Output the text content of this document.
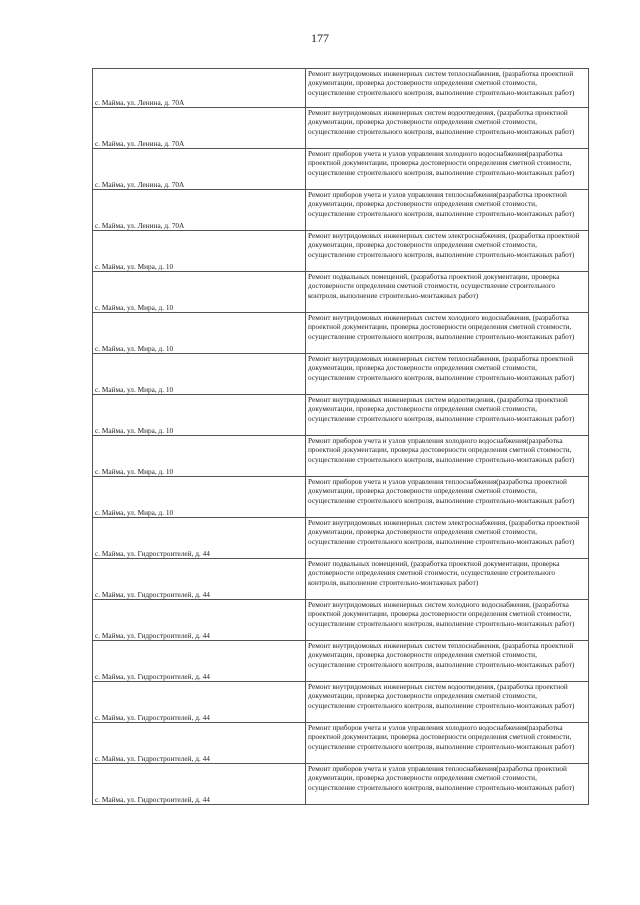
177
с. Майма, ул. Ленина, д. 70А	Ремонт внутридомовых инженерных систем теплоснабжения, (разработка проектной документации, проверка достоверности определения сметной стоимости, осуществление строительного контроля, выполнение строительно-монтажных работ)
с. Майма, ул. Ленина, д. 70А	Ремонт внутридомовых инженерных систем водоотведения, (разработка проектной документации, проверка достоверности определения сметной стоимости, осуществление строительного контроля, выполнение строительно-монтажных работ)
с. Майма, ул. Ленина, д. 70А	Ремонт приборов учета и узлов управления холодного водоснабжения(разработка проектной документации, проверка достоверности определения сметной стоимости, осуществление строительного контроля, выполнение строительно-монтажных работ)
с. Майма, ул. Ленина, д. 70А	Ремонт приборов учета и узлов управления теплоснабжения(разработка проектной документации, проверка достоверности определения сметной стоимости, осуществление строительного контроля, выполнение строительно-монтажных работ)
с. Майма, ул. Мира, д. 10	Ремонт внутридомовых инженерных систем электроснабжения, (разработка проектной документации, проверка достоверности определения сметной стоимости, осуществление строительного контроля, выполнение строительно-монтажных работ)
с. Майма, ул. Мира, д. 10	Ремонт подвальных помещений, (разработка проектной документации, проверка достоверности определения сметной стоимости, осуществление строительного контроля, выполнение строительно-монтажных работ)
с. Майма, ул. Мира, д. 10	Ремонт внутридомовых инженерных систем холодного водоснабжения, (разработка проектной документации, проверка достоверности определения сметной стоимости, осуществление строительного контроля, выполнение строительно-монтажных работ)
с. Майма, ул. Мира, д. 10	Ремонт внутридомовых инженерных систем теплоснабжения, (разработка проектной документации, проверка достоверности определения сметной стоимости, осуществление строительного контроля, выполнение строительно-монтажных работ)
с. Майма, ул. Мира, д. 10	Ремонт внутридомовых инженерных систем водоотведения, (разработка проектной документации, проверка достоверности определения сметной стоимости, осуществление строительного контроля, выполнение строительно-монтажных работ)
с. Майма, ул. Мира, д. 10	Ремонт приборов учета и узлов управления холодного водоснабжения(разработка проектной документации, проверка достоверности определения сметной стоимости, осуществление строительного контроля, выполнение строительно-монтажных работ)
с. Майма, ул. Мира, д. 10	Ремонт приборов учета и узлов управления теплоснабжения(разработка проектной документации, проверка достоверности определения сметной стоимости, осуществление строительного контроля, выполнение строительно-монтажных работ)
с. Майма, ул. Гидростроителей, д. 44	Ремонт внутридомовых инженерных систем электроснабжения, (разработка проектной документации, проверка достоверности определения сметной стоимости, осуществление строительного контроля, выполнение строительно-монтажных работ)
с. Майма, ул. Гидростроителей, д. 44	Ремонт подвальных помещений, (разработка проектной документации, проверка достоверности определения сметной стоимости, осуществление строительного контроля, выполнение строительно-монтажных работ)
с. Майма, ул. Гидростроителей, д. 44	Ремонт внутридомовых инженерных систем холодного водоснабжения, (разработка проектной документации, проверка достоверности определения сметной стоимости, осуществление строительного контроля, выполнение строительно-монтажных работ)
с. Майма, ул. Гидростроителей, д. 44	Ремонт внутридомовых инженерных систем теплоснабжения, (разработка проектной документации, проверка достоверности определения сметной стоимости, осуществление строительного контроля, выполнение строительно-монтажных работ)
с. Майма, ул. Гидростроителей, д. 44	Ремонт внутридомовых инженерных систем водоотведения, (разработка проектной документации, проверка достоверности определения сметной стоимости, осуществление строительного контроля, выполнение строительно-монтажных работ)
с. Майма, ул. Гидростроителей, д. 44	Ремонт приборов учета и узлов управления холодного водоснабжения(разработка проектной документации, проверка достоверности определения сметной стоимости, осуществление строительного контроля, выполнение строительно-монтажных работ)
с. Майма, ул. Гидростроителей, д. 44	Ремонт приборов учета и узлов управления теплоснабжения(разработка проектной документации, проверка достоверности определения сметной стоимости, осуществление строительного контроля, выполнение строительно-монтажных работ)
